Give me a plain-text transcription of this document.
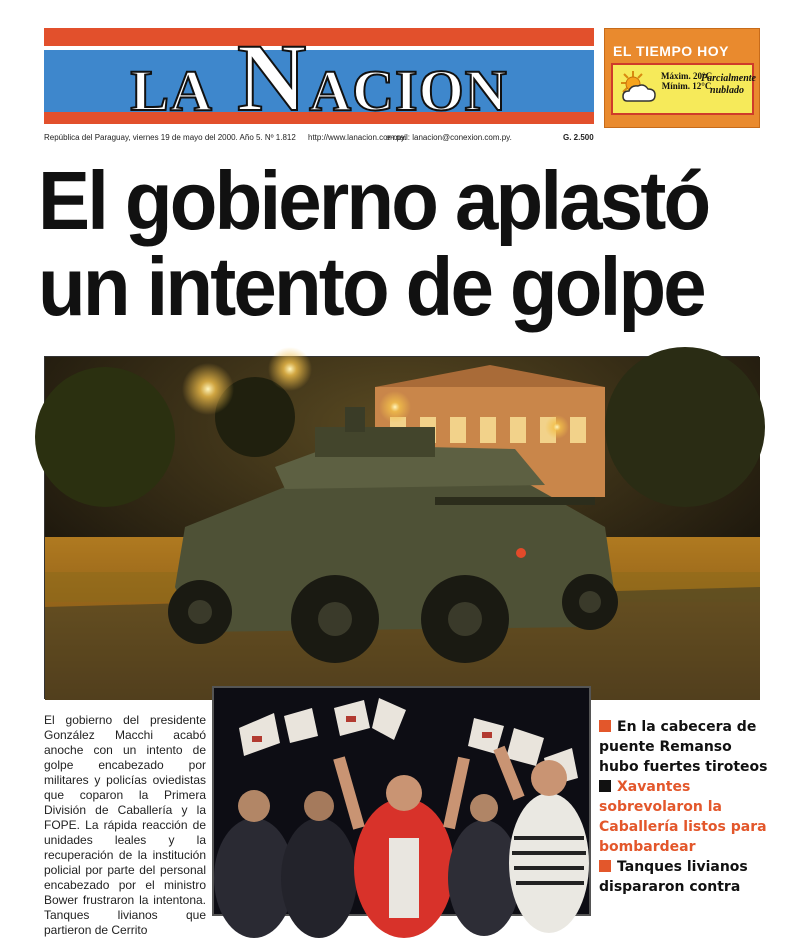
LA N ACION
EL TIEMPO HOY
Máxim. 20°C
Mínim. 12°C
Parcialmente nublado
República del Paraguay, viernes 19 de mayo del 2000. Año 5. Nº 1.812 http://www.lanacion.com.py.
e-mail: lanacion@conexion.com.py.	G. 2.500
El gobierno aplastó
un intento de golpe
El gobierno del presidente González Macchi acabó anoche con un intento de golpe encabezado por militares y policías oviedistas que coparon la Primera División de Caballería y la FOPE. La rápida reacción de unidades leales y la recuperación de la institución policial por parte del personal encabezado por el ministro Bower frustraron la intentona. Tanques livianos que partieron de Cerrito
En la cabecera de puente Remanso hubo fuertes tiroteos
Xavantes sobrevolaron la Caballería listos para bombardear
Tanques livianos dispararon contra
